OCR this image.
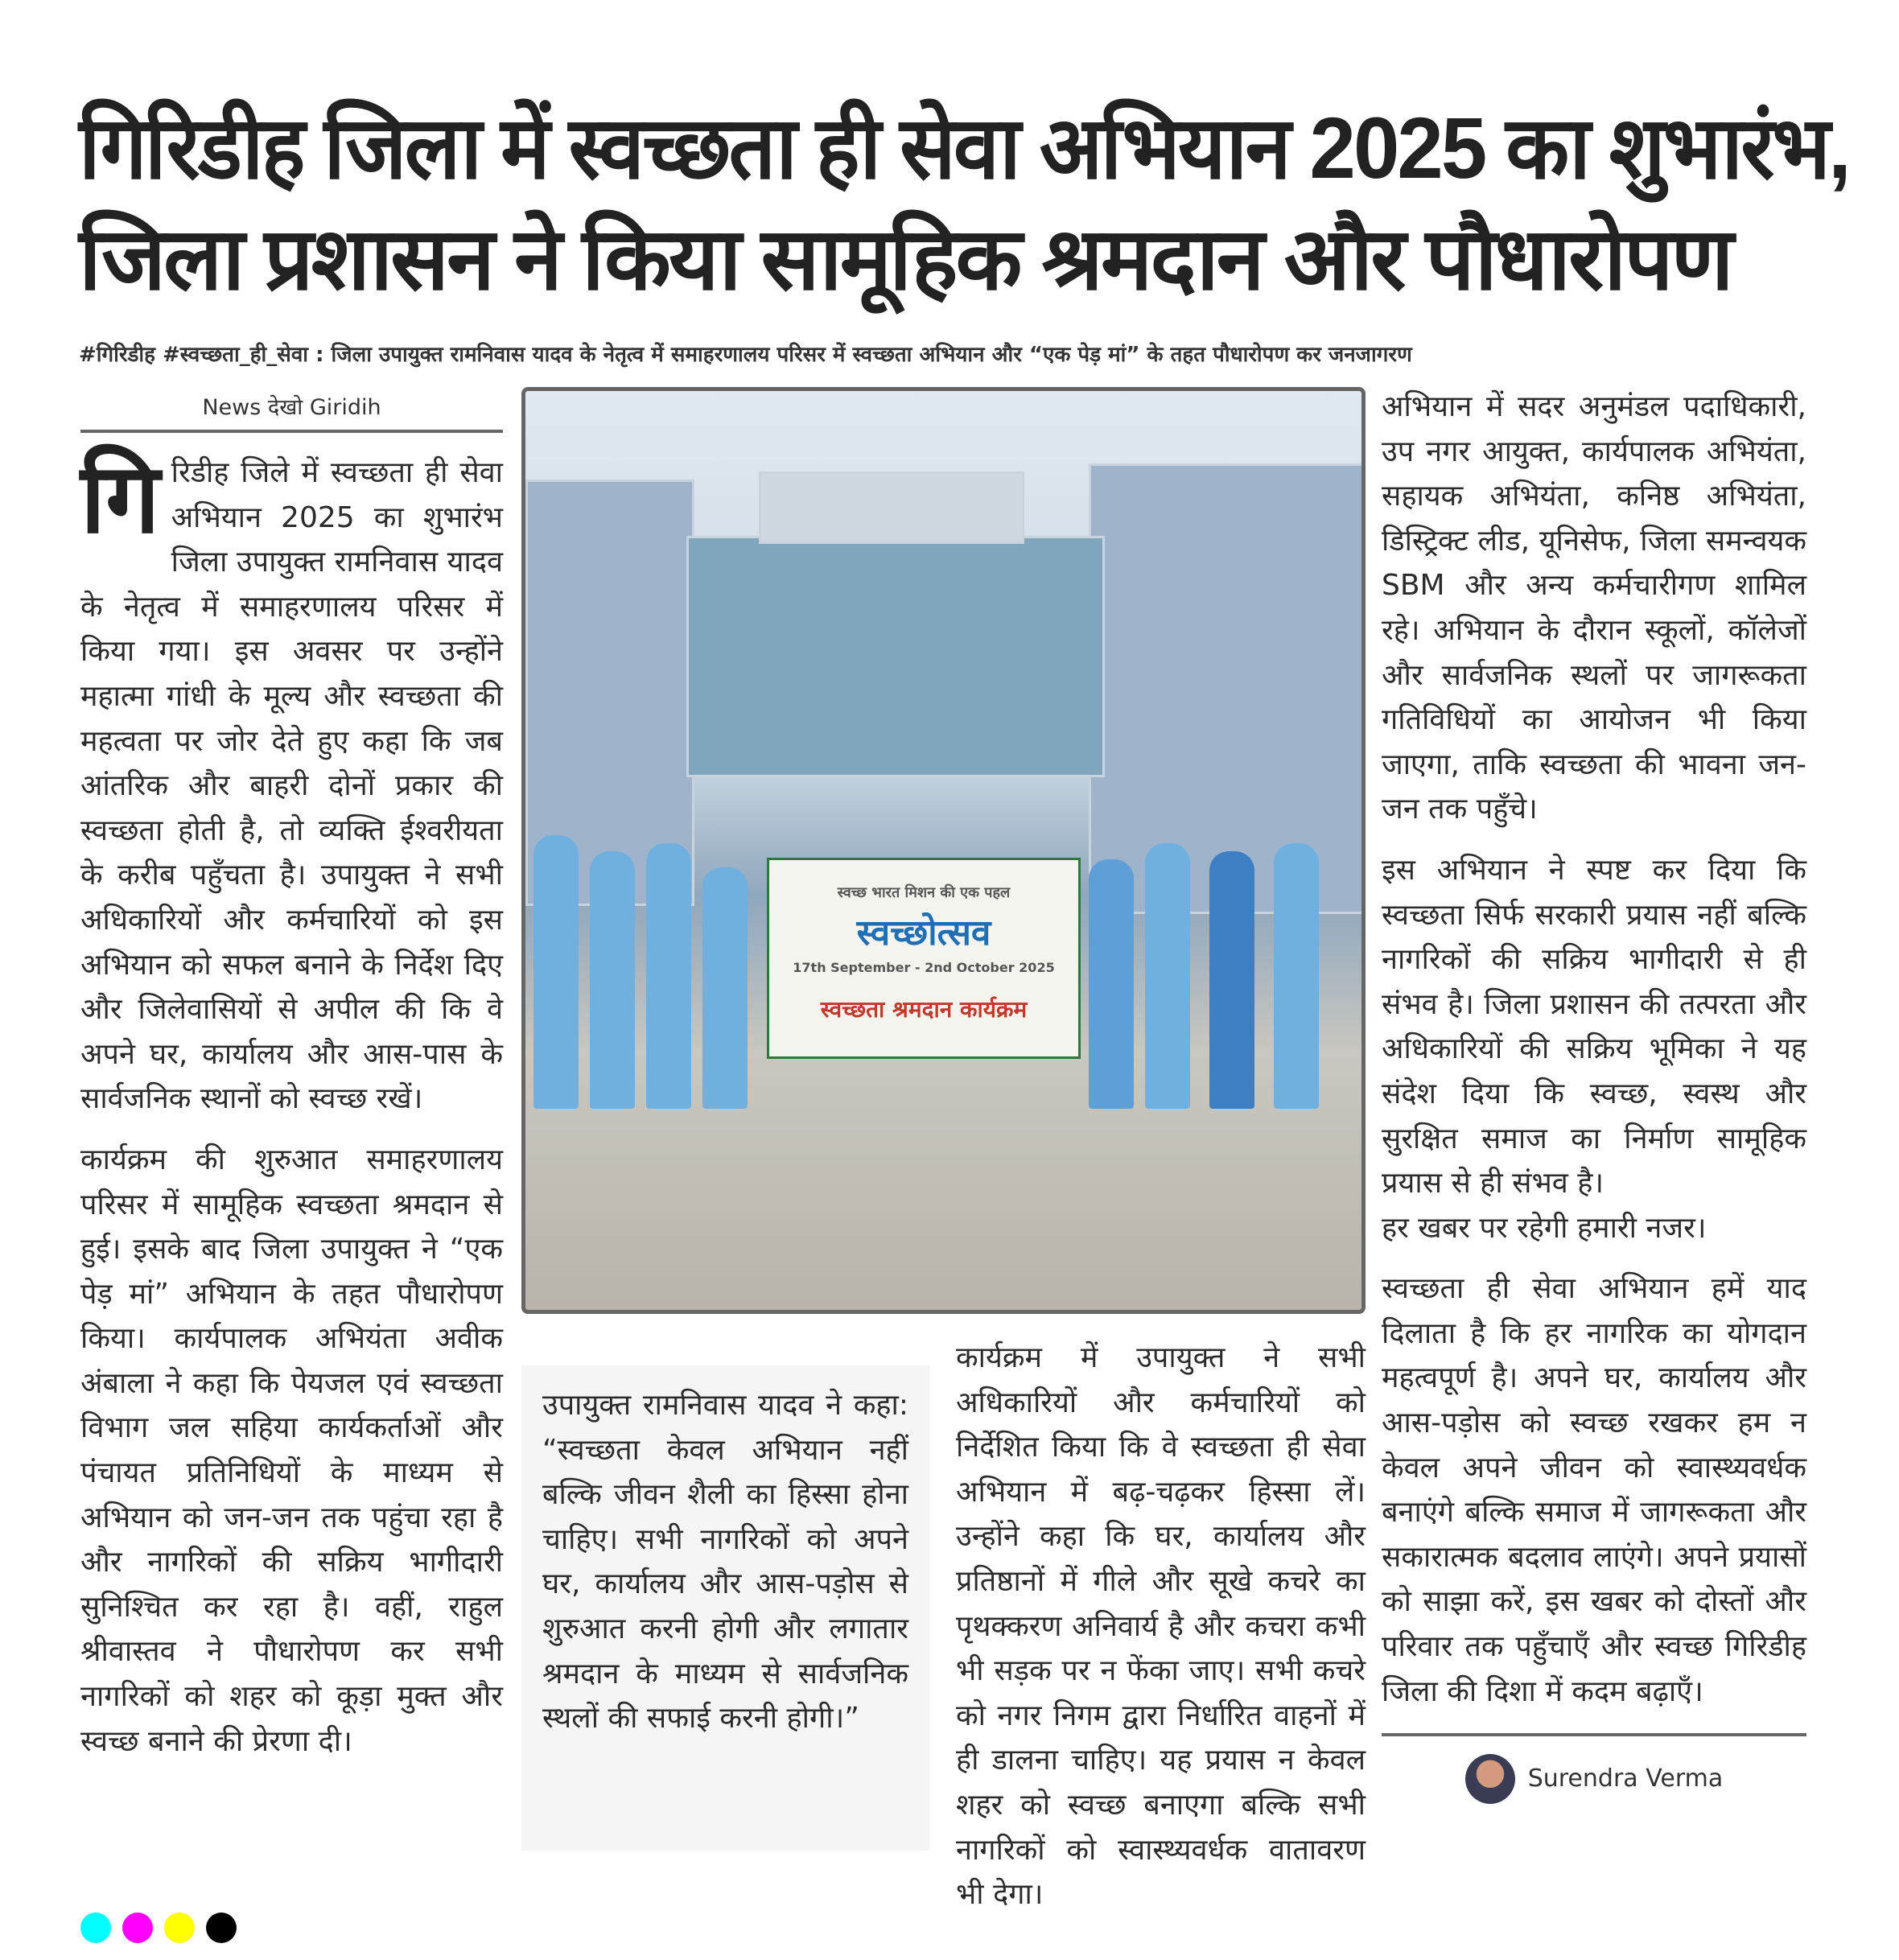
गिरिडीह जिला में स्वच्छता ही सेवा अभियान 2025 का शुभारंभ,
जिला प्रशासन ने किया सामूहिक श्रमदान और पौधारोपण
#गिरिडीह #स्वच्छता_ही_सेवा : जिला उपायुक्त रामनिवास यादव के नेतृत्व में समाहरणालय परिसर में स्वच्छता अभियान और “एक पेड़ मां” के तहत पौधारोपण कर जनजागरण
News देखो Giridih

गिरिडीह जिले में स्वच्छता ही सेवा अभियान 2025 का शुभारंभ जिला उपायुक्त रामनिवास यादव के नेतृत्व में समाहरणालय परिसर में किया गया। इस अवसर पर उन्होंने महात्मा गांधी के मूल्य और स्वच्छता की महत्वता पर जोर देते हुए कहा कि जब आंतरिक और बाहरी दोनों प्रकार की स्वच्छता होती है, तो व्यक्ति ईश्वरीयता के करीब पहुँचता है। उपायुक्त ने सभी अधिकारियों और कर्मचारियों को इस अभियान को सफल बनाने के निर्देश दिए और जिलेवासियों से अपील की कि वे अपने घर, कार्यालय और आस-पास के सार्वजनिक स्थानों को स्वच्छ रखें।

कार्यक्रम की शुरुआत समाहरणालय परिसर में सामूहिक स्वच्छता श्रमदान से हुई। इसके बाद जिला उपायुक्त ने “एक पेड़ मां” अभियान के तहत पौधारोपण किया। कार्यपालक अभियंता अवीक अंबाला ने कहा कि पेयजल एवं स्वच्छता विभाग जल सहिया कार्यकर्ताओं और पंचायत प्रतिनिधियों के माध्यम से अभियान को जन-जन तक पहुंचा रहा है और नागरिकों की सक्रिय भागीदारी सुनिश्चित कर रहा है। वहीं, राहुल श्रीवास्तव ने पौधारोपण कर सभी नागरिकों को शहर को कूड़ा मुक्त और स्वच्छ बनाने की प्रेरणा दी।

स्वच्छ भारत मिशन की एक पहल
स्वच्छोत्सव
17th September - 2nd October 2025
स्वच्छता श्रमदान कार्यक्रम
उपायुक्त रामनिवास यादव ने कहा: “स्वच्छता केवल अभियान नहीं बल्कि जीवन शैली का हिस्सा होना चाहिए। सभी नागरिकों को अपने घर, कार्यालय और आस-पड़ोस से शुरुआत करनी होगी और लगातार श्रमदान के माध्यम से सार्वजनिक स्थलों की सफाई करनी होगी।”

कार्यक्रम में उपायुक्त ने सभी अधिकारियों और कर्मचारियों को निर्देशित किया कि वे स्वच्छता ही सेवा अभियान में बढ़-चढ़कर हिस्सा लें। उन्होंने कहा कि घर, कार्यालय और प्रतिष्ठानों में गीले और सूखे कचरे का पृथक्करण अनिवार्य है और कचरा कभी भी सड़क पर न फेंका जाए। सभी कचरे को नगर निगम द्वारा निर्धारित वाहनों में ही डालना चाहिए। यह प्रयास न केवल शहर को स्वच्छ बनाएगा बल्कि सभी नागरिकों को स्वास्थ्यवर्धक वातावरण भी देगा।

अभियान में सदर अनुमंडल पदाधिकारी, उप नगर आयुक्त, कार्यपालक अभियंता, सहायक अभियंता, कनिष्ठ अभियंता, डिस्ट्रिक्ट लीड, यूनिसेफ, जिला समन्वयक SBM और अन्य कर्मचारीगण शामिल रहे। अभियान के दौरान स्कूलों, कॉलेजों और सार्वजनिक स्थलों पर जागरूकता गतिविधियों का आयोजन भी किया जाएगा, ताकि स्वच्छता की भावना जन-जन तक पहुँचे।

इस अभियान ने स्पष्ट कर दिया कि स्वच्छता सिर्फ सरकारी प्रयास नहीं बल्कि नागरिकों की सक्रिय भागीदारी से ही संभव है। जिला प्रशासन की तत्परता और अधिकारियों की सक्रिय भूमिका ने यह संदेश दिया कि स्वच्छ, स्वस्थ और सुरक्षित समाज का निर्माण सामूहिक प्रयास से ही संभव है।

हर खबर पर रहेगी हमारी नजर।

स्वच्छता ही सेवा अभियान हमें याद दिलाता है कि हर नागरिक का योगदान महत्वपूर्ण है। अपने घर, कार्यालय और आस-पड़ोस को स्वच्छ रखकर हम न केवल अपने जीवन को स्वास्थ्यवर्धक बनाएंगे बल्कि समाज में जागरूकता और सकारात्मक बदलाव लाएंगे। अपने प्रयासों को साझा करें, इस खबर को दोस्तों और परिवार तक पहुँचाएँ और स्वच्छ गिरिडीह जिला की दिशा में कदम बढ़ाएँ।

Surendra Verma
